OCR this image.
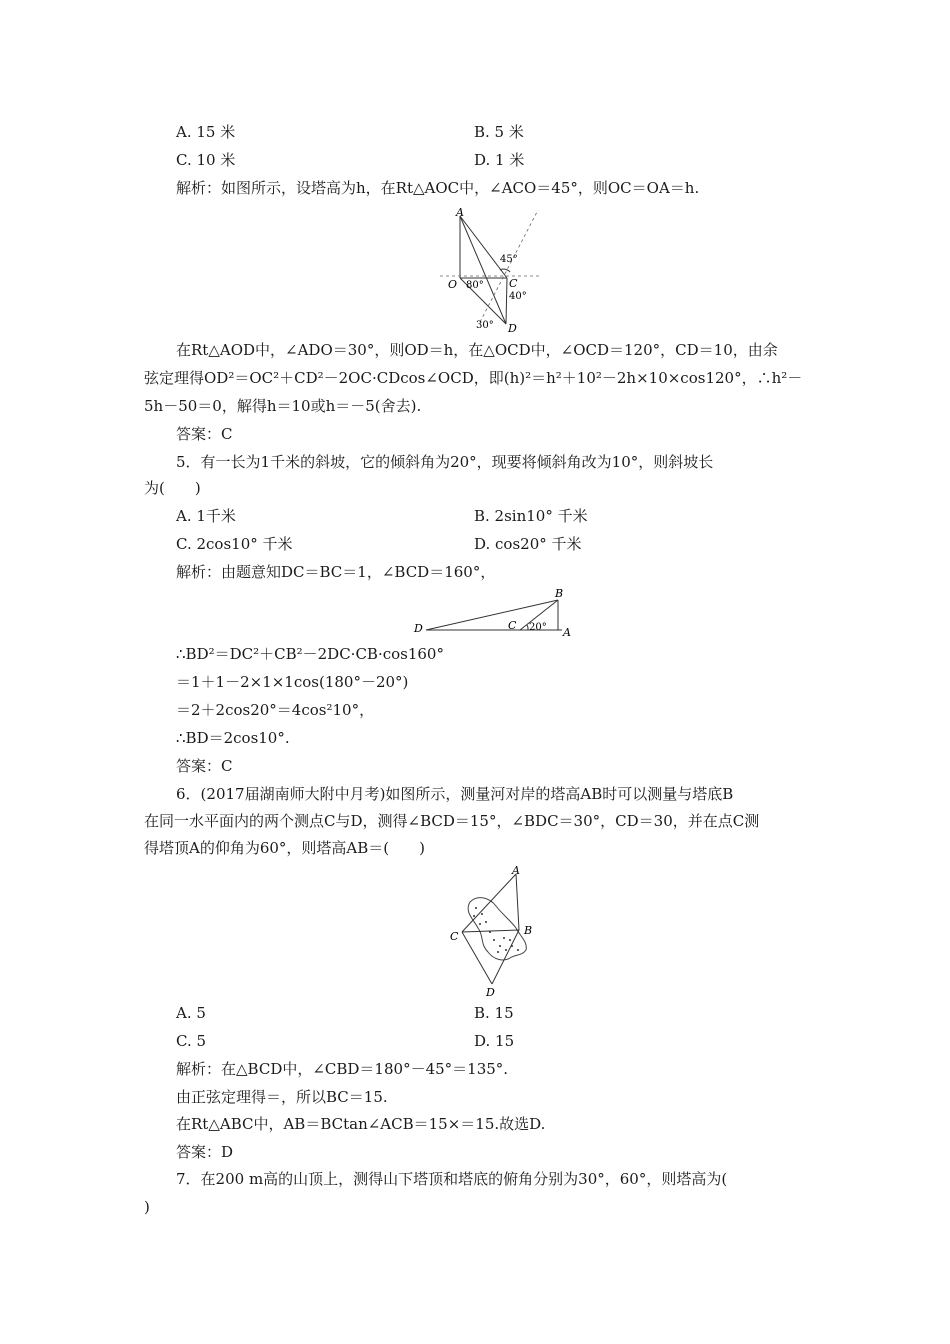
A. 15 米	B. 5 米
C. 10 米	D. 1 米
解析：如图所示，设塔高为h，在Rt△AOC中，∠ACO＝45°，则OC＝OA＝h.
A
O	C
D
45°
80°
40°
30°
在Rt△AOD中，∠ADO＝30°，则OD＝h，在△OCD中，∠OCD＝120°，CD＝10，由余
弦定理得OD²＝OC²＋CD²－2OC·CDcos∠OCD，即(h)²＝h²＋10²－2h×10×cos120°，∴h²－
5h－50＝0，解得h＝10或h＝－5(舍去).
答案：C
5．有一长为1千米的斜坡，它的倾斜角为20°，现要将倾斜角改为10°，则斜坡长
为(　　)
A. 1千米	B. 2sin10° 千米
C. 2cos10° 千米	D. cos20° 千米
解析：由题意知DC＝BC＝1，∠BCD＝160°，
D	C
B
A
20°
∴BD²＝DC²＋CB²－2DC·CB·cos160°
＝1＋1－2×1×1cos(180°－20°)
＝2＋2cos20°＝4cos²10°，
∴BD＝2cos10°.
答案：C
6．(2017届湖南师大附中月考)如图所示，测量河对岸的塔高AB时可以测量与塔底B
在同一水平面内的两个测点C与D，测得∠BCD＝15°，∠BDC＝30°，CD＝30，并在点C测
得塔顶A的仰角为60°，则塔高AB＝(　　)
A
B
C
D
A. 5	B. 15
C. 5	D. 15
解析：在△BCD中，∠CBD＝180°－45°＝135°.
由正弦定理得＝，所以BC＝15.
在Rt△ABC中，AB＝BCtan∠ACB＝15×＝15.故选D.
答案：D
7．在200 m高的山顶上，测得山下塔顶和塔底的俯角分别为30°，60°，则塔高为(
)
